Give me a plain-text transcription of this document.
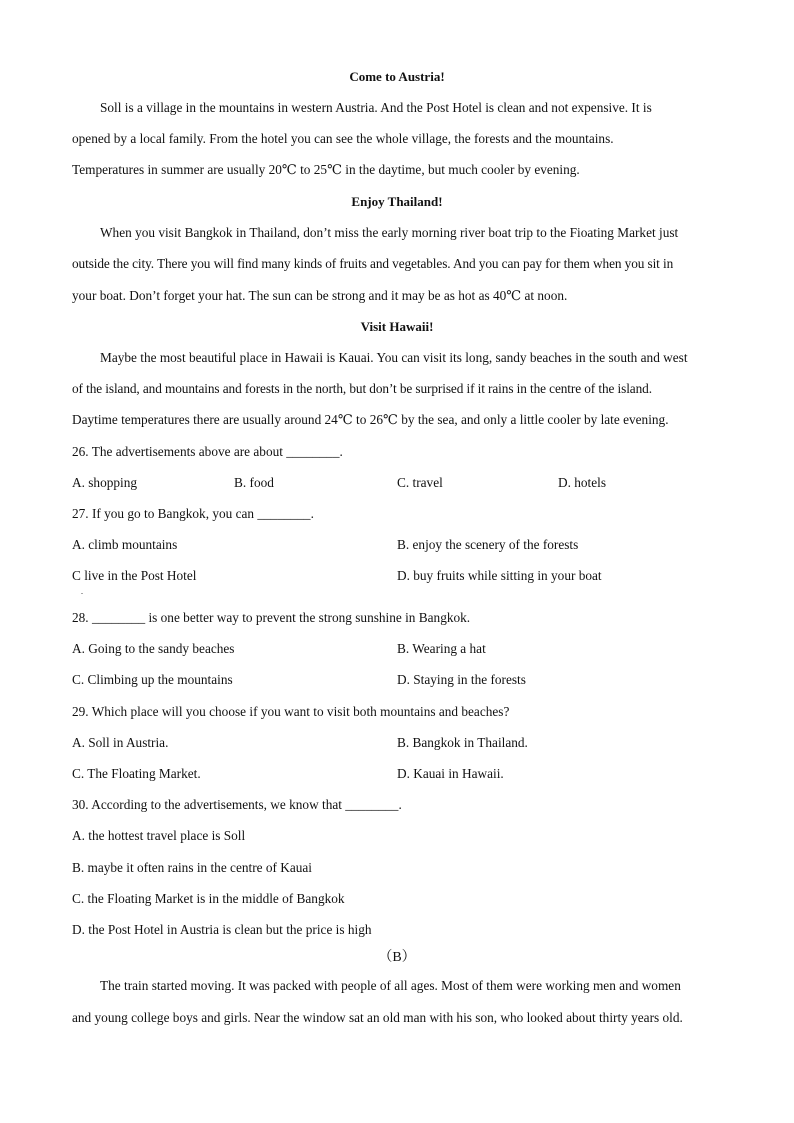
Come to Austria!
Soll is a village in the mountains in western Austria. And the Post Hotel is clean and not expensive. It is
opened by a local family. From the hotel you can see the whole village, the forests and the mountains.
Temperatures in summer are usually 20℃ to 25℃ in the daytime, but much cooler by evening.
Enjoy Thailand!
When you visit Bangkok in Thailand, don’t miss the early morning river boat trip to the Fioating Market just
outside the city. There you will find many kinds of fruits and vegetables. And you can pay for them when you sit in
your boat. Don’t forget your hat. The sun can be strong and it may be as hot as 40℃ at noon.
Visit Hawaii!
Maybe the most beautiful place in Hawaii is Kauai. You can visit its long, sandy beaches in the south and west
of the island, and mountains and forests in the north, but don’t be surprised if it rains in the centre of the island.
Daytime temperatures there are usually around 24℃ to 26℃ by the sea, and only a little cooler by late evening.
26. The advertisements above are about ________.
A. shopping	B. food	C. travel	D. hotels
27. If you go to Bangkok, you can ________.
A. climb mountains	B. enjoy the scenery of the forests
C live in the Post Hotel	D. buy fruits while sitting in your boat
.
28. ________ is one better way to prevent the strong sunshine in Bangkok.
A. Going to the sandy beaches	B. Wearing a hat
C. Climbing up the mountains	D. Staying in the forests
29. Which place will you choose if you want to visit both mountains and beaches?
A. Soll in Austria.	B. Bangkok in Thailand.
C. The Floating Market.	D. Kauai in Hawaii.
30. According to the advertisements, we know that ________.
A. the hottest travel place is Soll
B. maybe it often rains in the centre of Kauai
C. the Floating Market is in the middle of Bangkok
D. the Post Hotel in Austria is clean but the price is high
（B）
The train started moving. It was packed with people of all ages. Most of them were working men and women
and young college boys and girls. Near the window sat an old man with his son, who looked about thirty years old.
